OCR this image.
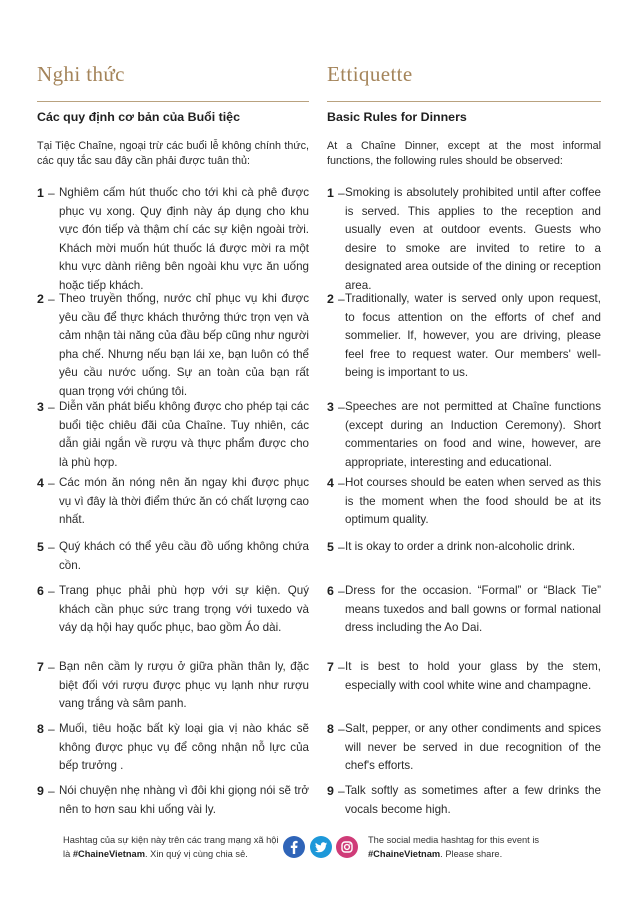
Nghi thức
Các quy định cơ bản của Buổi tiệc
Tại Tiệc Chaîne, ngoại trừ các buổi lễ không chính thức, các quy tắc sau đây cần phải được tuân thủ:
1 – Nghiêm cấm hút thuốc cho tới khi cà phê được phục vụ xong. Quy định này áp dụng cho khu vực đón tiếp và thậm chí các sự kiện ngoài trời. Khách mời muốn hút thuốc lá được mời ra một khu vực dành riêng bên ngoài khu vực ăn uống hoặc tiếp khách.
2 – Theo truyền thống, nước chỉ phục vụ khi được yêu cầu để thực khách thưởng thức trọn vẹn và cảm nhận tài năng của đầu bếp cũng như người pha chế. Nhưng nếu bạn lái xe, bạn luôn có thể yêu cầu nước uống. Sự an toàn của bạn rất quan trọng với chúng tôi.
3 – Diễn văn phát biểu không được cho phép tại các buổi tiệc chiêu đãi của Chaîne. Tuy nhiên, các dẫn giải ngắn về rượu và thực phẩm được cho là phù hợp.
4 – Các món ăn nóng nên ăn ngay khi được phục vụ vì đây là thời điểm thức ăn có chất lượng cao nhất.
5 – Quý khách có thể yêu cầu đồ uống không chứa cồn.
6 – Trang phục phải phù hợp với sự kiện. Quý khách cần phục sức trang trọng với tuxedo và váy dạ hội hay quốc phục, bao gồm Áo dài.
7 – Bạn nên cầm ly rượu ở giữa phần thân ly, đặc biệt đối với rượu được phục vụ lạnh như rượu vang trắng và sâm panh.
8 – Muối, tiêu hoặc bất kỳ loại gia vị nào khác sẽ không được phục vụ để công nhận nỗ lực của bếp trưởng .
9 – Nói chuyện nhẹ nhàng vì đôi khi giọng nói sẽ trở nên to hơn sau khi uống vài ly.
Ettiquette
Basic Rules for Dinners
At a Chaîne Dinner, except at the most informal functions, the following rules should be observed:
1 – Smoking is absolutely prohibited until after coffee is served. This applies to the reception and usually even at outdoor events. Guests who desire to smoke are invited to retire to a designated area outside of the dining or reception area.
2 – Traditionally, water is served only upon request, to focus attention on the efforts of chef and sommelier. If, however, you are driving, please feel free to request water. Our members' well-being is important to us.
3 – Speeches are not permitted at Chaîne functions (except during an Induction Ceremony). Short commentaries on food and wine, however, are appropriate, interesting and educational.
4 – Hot courses should be eaten when served as this is the moment when the food should be at its optimum quality.
5 – It is okay to order a drink non-alcoholic drink.
6 – Dress for the occasion. “Formal” or “Black Tie” means tuxedos and ball gowns or formal national dress including the Ao Dai.
7 – It is best to hold your glass by the stem, especially with cool white wine and champagne.
8 – Salt, pepper, or any other condiments and spices will never be served in due recognition of the chef's efforts.
9 – Talk softly as sometimes after a few drinks the vocals become high.
Hashtag của sự kiện này trên các trang mạng xã hội là #ChaineVietnam. Xin quý vị cùng chia sẻ.
The social media hashtag for this event is #ChaineVietnam. Please share.
